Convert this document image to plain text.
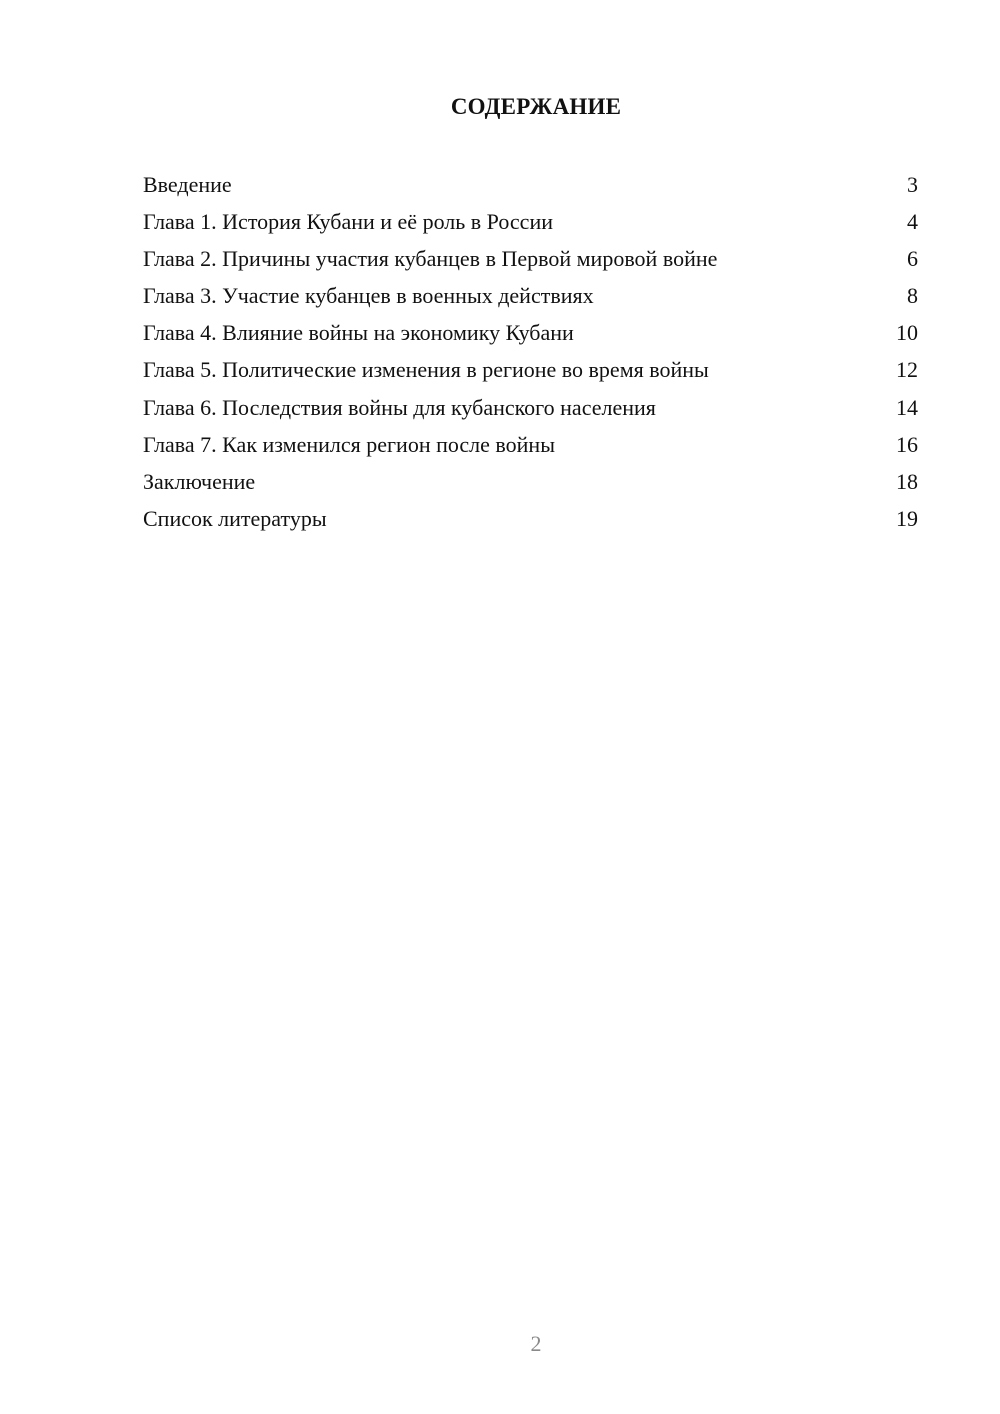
СОДЕРЖАНИЕ
Введение	3
Глава 1. История Кубани и её роль в России	4
Глава 2. Причины участия кубанцев в Первой мировой войне	6
Глава 3. Участие кубанцев в военных действиях	8
Глава 4. Влияние войны на экономику Кубани	10
Глава 5. Политические изменения в регионе во время войны	12
Глава 6. Последствия войны для кубанского населения	14
Глава 7. Как изменился регион после войны	16
Заключение	18
Список литературы	19
2
